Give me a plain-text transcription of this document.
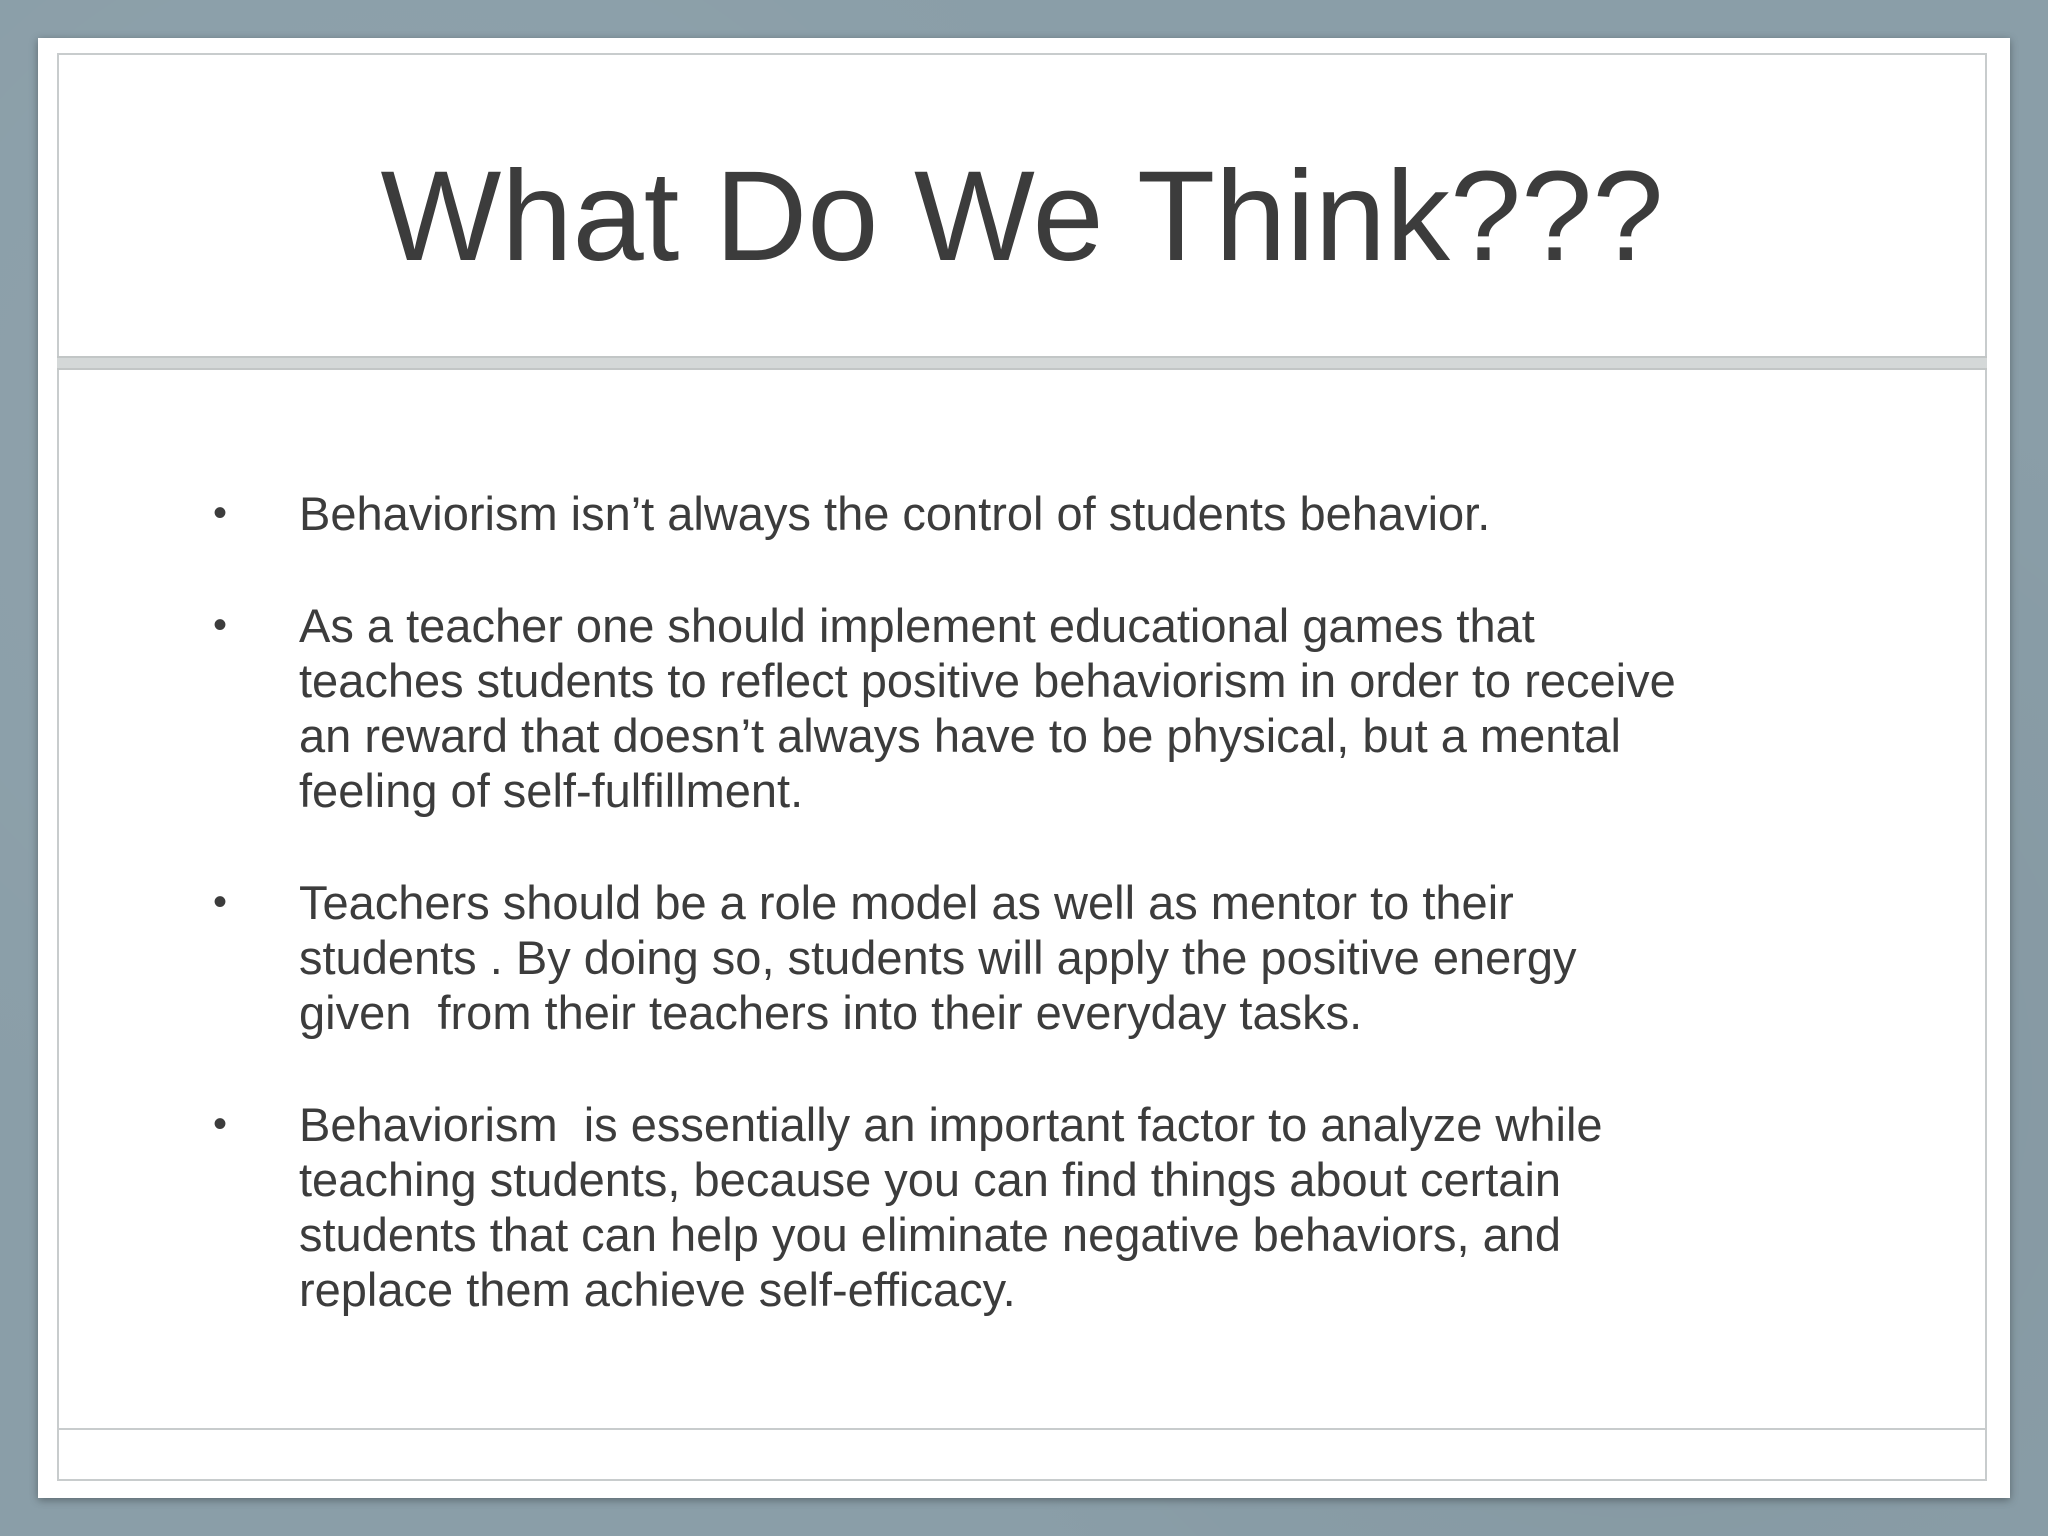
What Do We Think???
•	Behaviorism isn’t always the control of students behavior.
•	As a teacher one should implement educational games that
teaches students to reflect positive behaviorism in order to receive
an reward that doesn’t always have to be physical, but a mental
feeling of self-fulfillment.
•	Teachers should be a role model as well as mentor to their
students . By doing so, students will apply the positive energy
given  from their teachers into their everyday tasks.
•	Behaviorism  is essentially an important factor to analyze while
teaching students, because you can find things about certain
students that can help you eliminate negative behaviors, and
replace them achieve self-efficacy.
